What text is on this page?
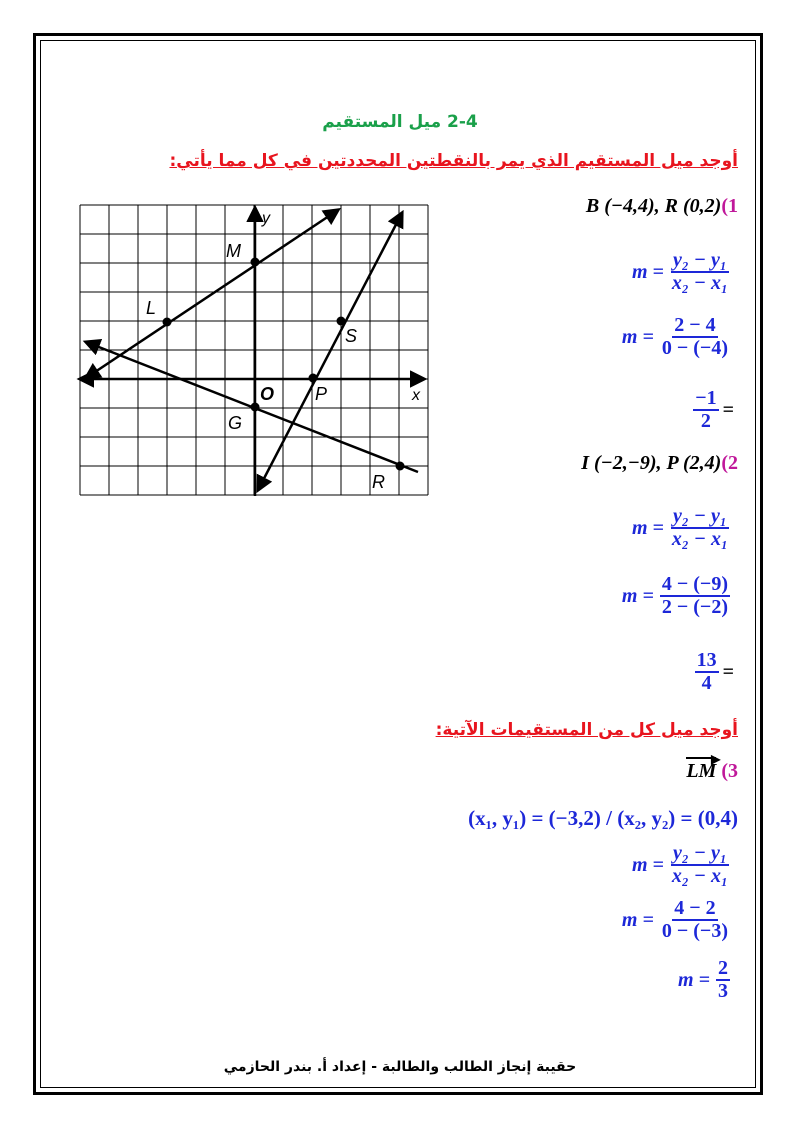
2-4 ميل المستقيم
أوجد ميل المستقيم الذي يمر بالنقطتين المحددتين في كل مما يأتي:
y
x
O
M
L
S
P
G
R
B (−4,4), R (0,2)(1
$m = \frac{\text{y₂ − y₁}}{\text{x₂ − x₁}}$
$m = \frac{2 - 4}{0 - (-4)}$
$\frac{-1}{2}$ =
I (−2,−9), P (2,4)(2
$m = \frac{\text{y₂ − y₁}}{\text{x₂ − x₁}}$
$m = \frac{4 - (-9)}{2 - (-2)}$
$\frac{13}{4}$ =
أوجد ميل كل من المستقيمات الآتية:
▶
LM (3
(x₁, y₁) = (−3,2) / (x₂, y₂) = (0,4)
$m = \frac{\text{y₂ − y₁}}{\text{x₂ − x₁}}$
$m = \frac{4 - 2}{0 - (-3)}$
$m = \frac{2}{3}$
حقيبة إنجاز الطالب والطالبة - إعداد أ. بندر الحازمي
